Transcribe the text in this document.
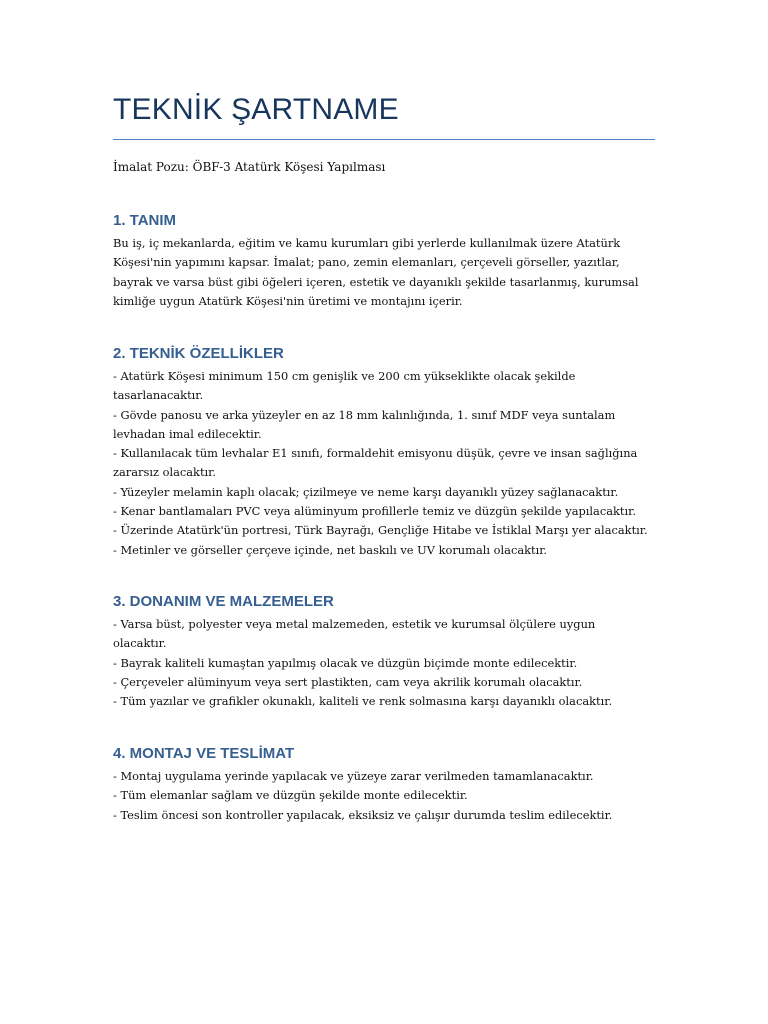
TEKNİK ŞARTNAME
İmalat Pozu: ÖBF-3 Atatürk Köşesi Yapılması
1. TANIM

Bu iş, iç mekanlarda, eğitim ve kamu kurumları gibi yerlerde kullanılmak üzere Atatürk
Köşesi'nin yapımını kapsar. İmalat; pano, zemin elemanları, çerçeveli görseller, yazıtlar,
bayrak ve varsa büst gibi öğeleri içeren, estetik ve dayanıklı şekilde tasarlanmış, kurumsal
kimliğe uygun Atatürk Köşesi'nin üretimi ve montajını içerir.

2. TEKNİK ÖZELLİKLER

- Atatürk Köşesi minimum 150 cm genişlik ve 200 cm yükseklikte olacak şekilde
tasarlanacaktır.
- Gövde panosu ve arka yüzeyler en az 18 mm kalınlığında, 1. sınıf MDF veya suntalam
levhadan imal edilecektir.
- Kullanılacak tüm levhalar E1 sınıfı, formaldehit emisyonu düşük, çevre ve insan sağlığına
zararsız olacaktır.
- Yüzeyler melamin kaplı olacak; çizilmeye ve neme karşı dayanıklı yüzey sağlanacaktır.
- Kenar bantlamaları PVC veya alüminyum profillerle temiz ve düzgün şekilde yapılacaktır.
- Üzerinde Atatürk'ün portresi, Türk Bayrağı, Gençliğe Hitabe ve İstiklal Marşı yer alacaktır.
- Metinler ve görseller çerçeve içinde, net baskılı ve UV korumalı olacaktır.

3. DONANIM VE MALZEMELER

- Varsa büst, polyester veya metal malzemeden, estetik ve kurumsal ölçülere uygun
olacaktır.
- Bayrak kaliteli kumaştan yapılmış olacak ve düzgün biçimde monte edilecektir.
- Çerçeveler alüminyum veya sert plastikten, cam veya akrilik korumalı olacaktır.
- Tüm yazılar ve grafikler okunaklı, kaliteli ve renk solmasına karşı dayanıklı olacaktır.

4. MONTAJ VE TESLİMAT

- Montaj uygulama yerinde yapılacak ve yüzeye zarar verilmeden tamamlanacaktır.
- Tüm elemanlar sağlam ve düzgün şekilde monte edilecektir.
- Teslim öncesi son kontroller yapılacak, eksiksiz ve çalışır durumda teslim edilecektir.
